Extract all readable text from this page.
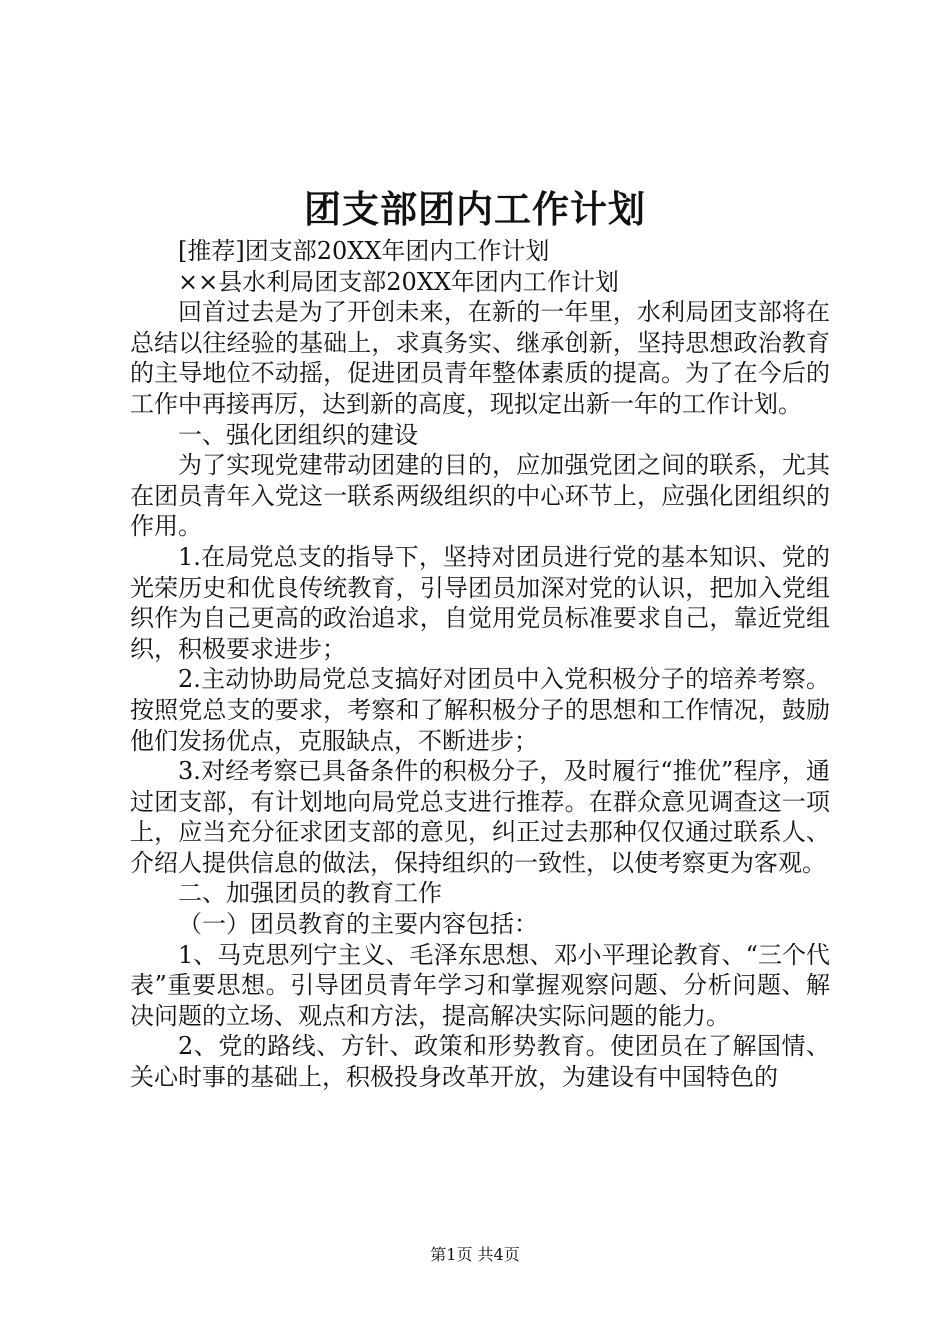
团支部团内工作计划

[推荐]团支部20XX年团内工作计划

××县水利局团支部20XX年团内工作计划

回首过去是为了开创未来，在新的一年里，水利局团支部将在总结以往经验的基础上，求真务实、继承创新，坚持思想政治教育的主导地位不动摇，促进团员青年整体素质的提高。为了在今后的工作中再接再厉，达到新的高度，现拟定出新一年的工作计划。

一、强化团组织的建设

为了实现党建带动团建的目的，应加强党团之间的联系，尤其在团员青年入党这一联系两级组织的中心环节上，应强化团组织的作用。

1.在局党总支的指导下，坚持对团员进行党的基本知识、党的光荣历史和优良传统教育，引导团员加深对党的认识，把加入党组织作为自己更高的政治追求，自觉用党员标准要求自己，靠近党组织，积极要求进步；

2.主动协助局党总支搞好对团员中入党积极分子的培养考察。按照党总支的要求，考察和了解积极分子的思想和工作情况，鼓励他们发扬优点，克服缺点，不断进步；

3.对经考察已具备条件的积极分子，及时履行“推优”程序，通过团支部，有计划地向局党总支进行推荐。在群众意见调查这一项上，应当充分征求团支部的意见，纠正过去那种仅仅通过联系人、介绍人提供信息的做法，保持组织的一致性，以使考察更为客观。

二、加强团员的教育工作

（一）团员教育的主要内容包括：

1、马克思列宁主义、毛泽东思想、邓小平理论教育、“三个代表”重要思想。引导团员青年学习和掌握观察问题、分析问题、解决问题的立场、观点和方法，提高解决实际问题的能力。

2、党的路线、方针、政策和形势教育。使团员在了解国情、关心时事的基础上，积极投身改革开放，为建设有中国特色的

第1页 共4页
